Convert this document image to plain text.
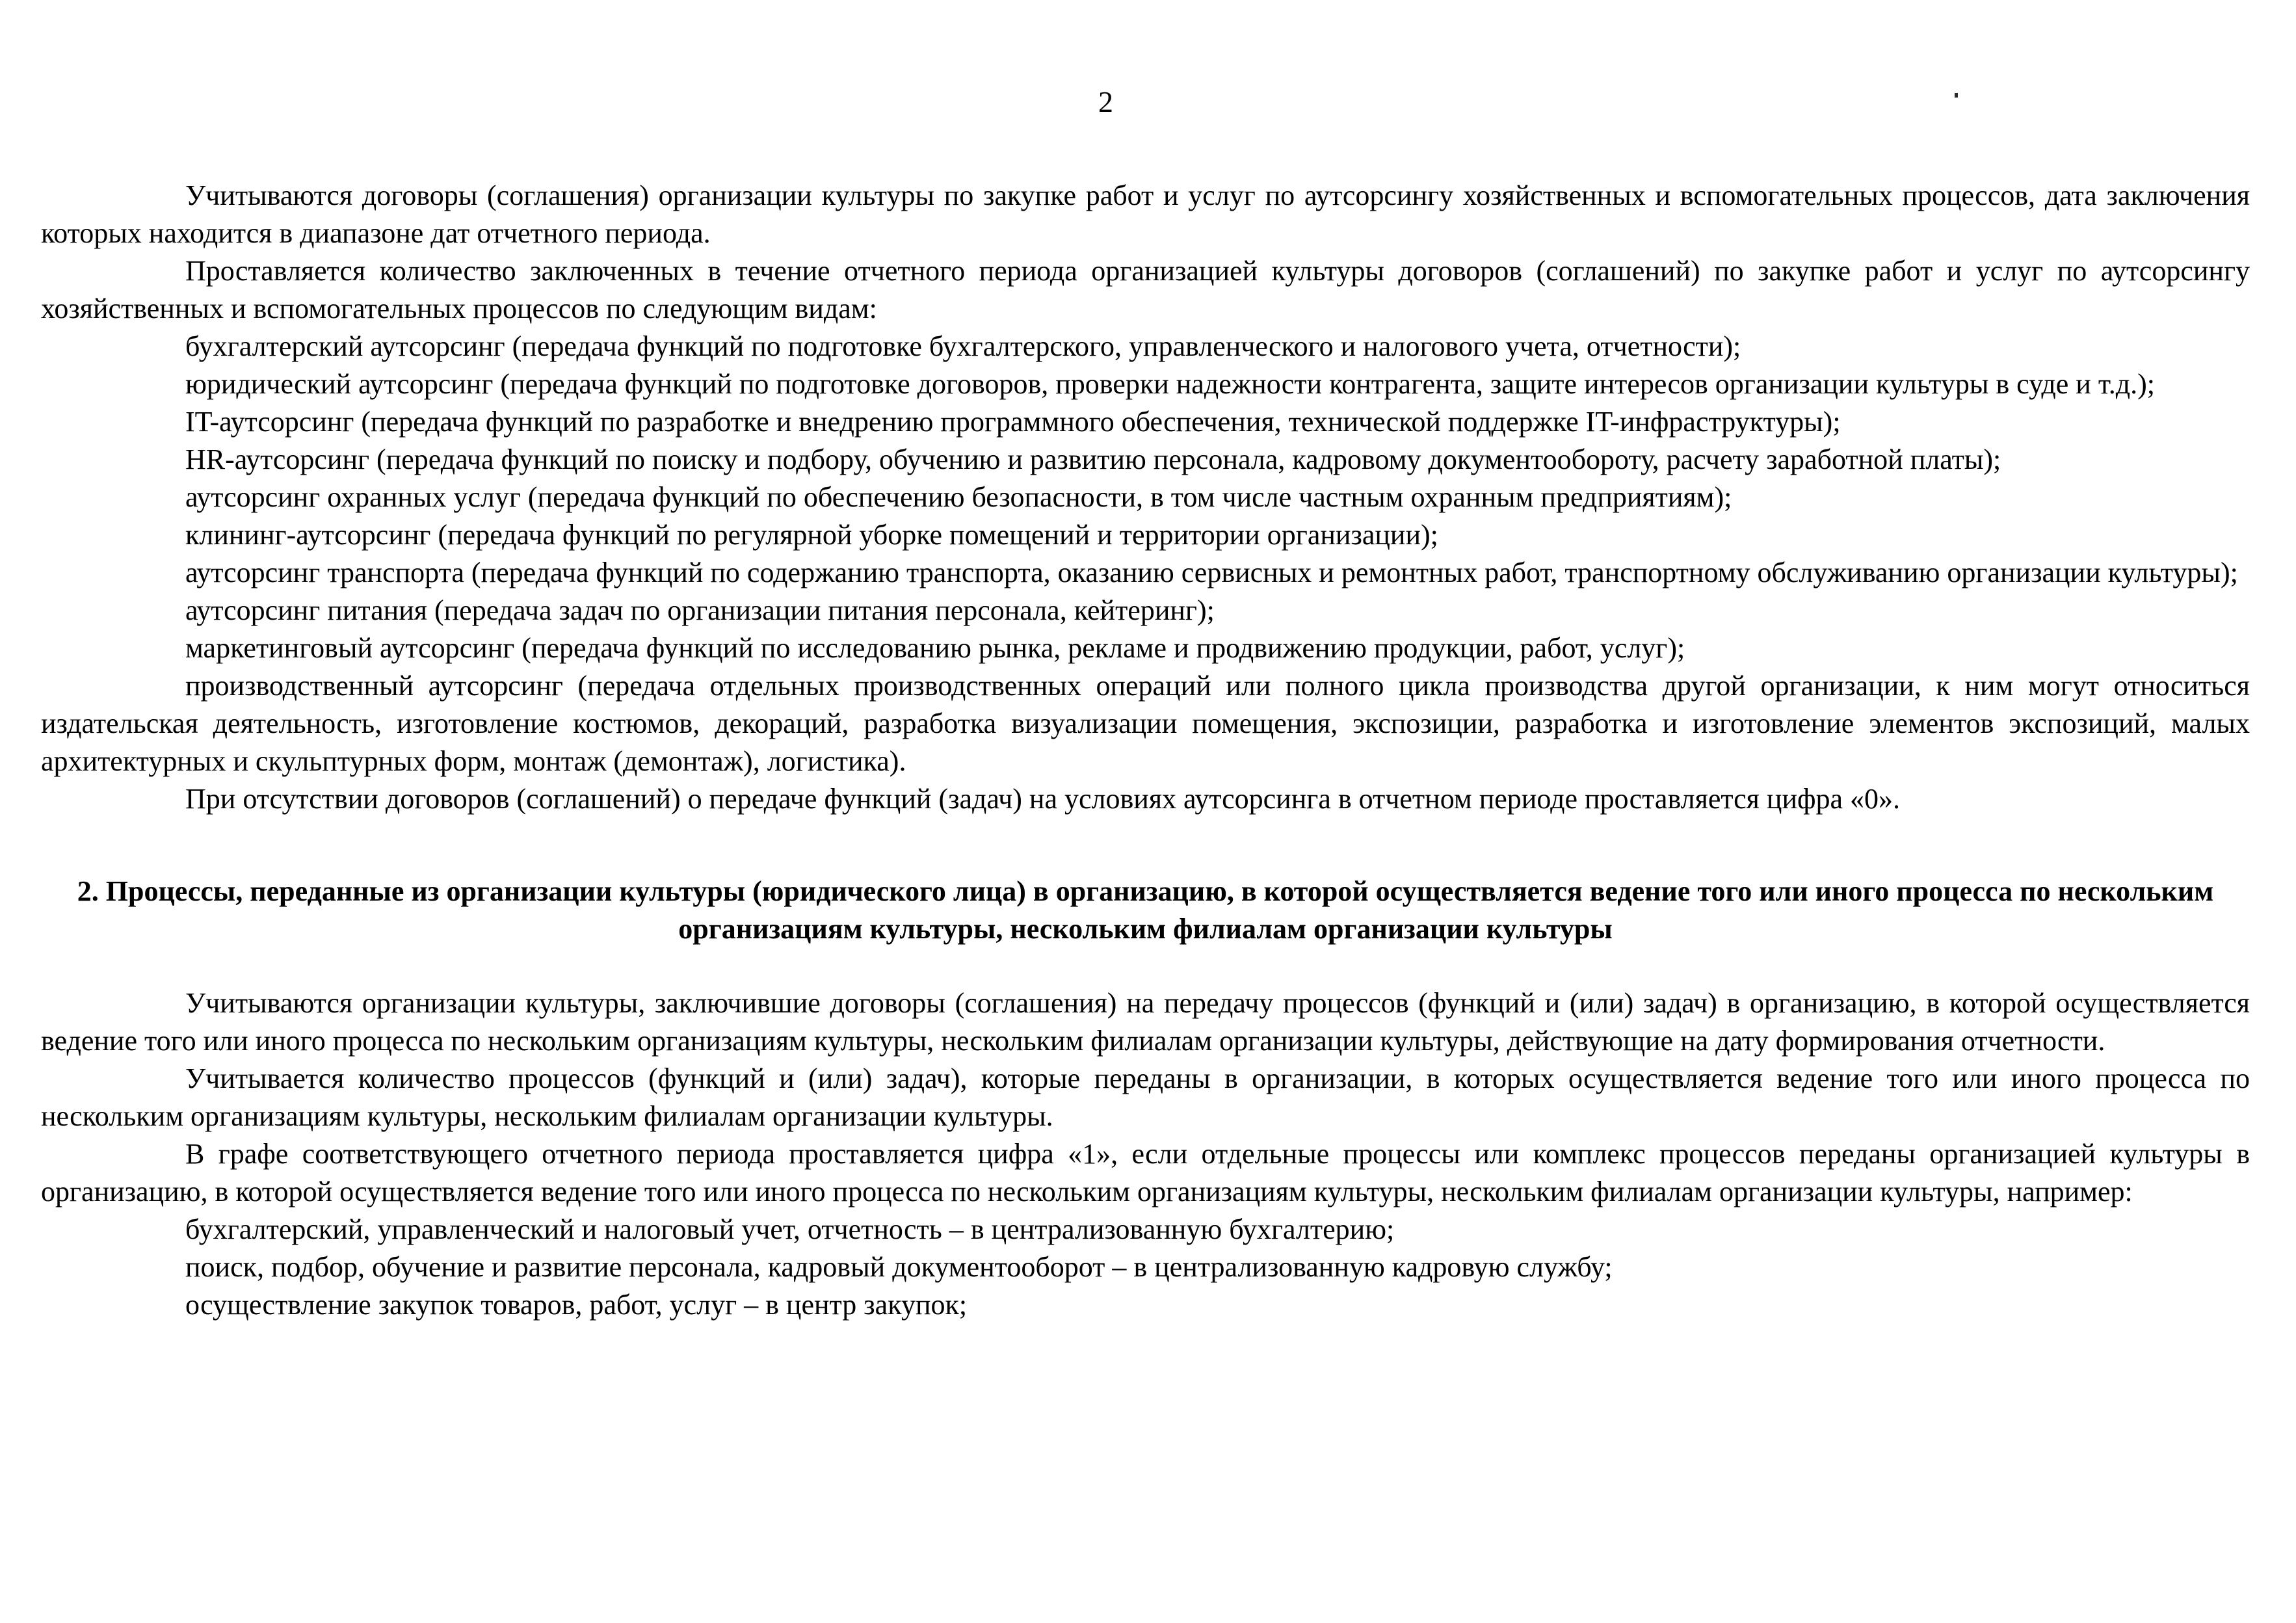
2

Учитываются договоры (соглашения) организации культуры по закупке работ и услуг по аутсорсингу хозяйственных и вспомогательных процессов, дата заключения которых находится в диапазоне дат отчетного периода.

Проставляется количество заключенных в течение отчетного периода организацией культуры договоров (соглашений) по закупке работ и услуг по аутсорсингу хозяйственных и вспомогательных процессов по следующим видам:

бухгалтерский аутсорсинг (передача функций по подготовке бухгалтерского, управленческого и налогового учета, отчетности);

юридический аутсорсинг (передача функций по подготовке договоров, проверки надежности контрагента, защите интересов организации культуры в суде и т.д.);

IT-аутсорсинг (передача функций по разработке и внедрению программного обеспечения, технической поддержке IT-инфраструктуры);

HR-аутсорсинг (передача функций по поиску и подбору, обучению и развитию персонала, кадровому документообороту, расчету заработной платы);

аутсорсинг охранных услуг (передача функций по обеспечению безопасности, в том числе частным охранным предприятиям);

клининг-аутсорсинг (передача функций по регулярной уборке помещений и территории организации);

аутсорсинг транспорта (передача функций по содержанию транспорта, оказанию сервисных и ремонтных работ, транспортному обслуживанию организации культуры);

аутсорсинг питания (передача задач по организации питания персонала, кейтеринг);

маркетинговый аутсорсинг (передача функций по исследованию рынка, рекламе и продвижению продукции, работ, услуг);

производственный аутсорсинг (передача отдельных производственных операций или полного цикла производства другой организации, к ним могут относиться издательская деятельность, изготовление костюмов, декораций, разработка визуализации помещения, экспозиции, разработка и изготовление элементов экспозиций, малых архитектурных и скульптурных форм, монтаж (демонтаж), логистика).

При отсутствии договоров (соглашений) о передаче функций (задач) на условиях аутсорсинга в отчетном периоде проставляется цифра «0».

2. Процессы, переданные из организации культуры (юридического лица) в организацию, в которой осуществляется ведение того или иного процесса по нескольким организациям культуры, нескольким филиалам организации культуры

Учитываются организации культуры, заключившие договоры (соглашения) на передачу процессов (функций и (или) задач) в организацию, в которой осуществляется ведение того или иного процесса по нескольким организациям культуры, нескольким филиалам организации культуры, действующие на дату формирования отчетности.

Учитывается количество процессов (функций и (или) задач), которые переданы в организации, в которых осуществляется ведение того или иного процесса по нескольким организациям культуры, нескольким филиалам организации культуры.

В графе соответствующего отчетного периода проставляется цифра «1», если отдельные процессы или комплекс процессов переданы организацией культуры в организацию, в которой осуществляется ведение того или иного процесса по нескольким организациям культуры, нескольким филиалам организации культуры, например:

бухгалтерский, управленческий и налоговый учет, отчетность – в централизованную бухгалтерию;

поиск, подбор, обучение и развитие персонала, кадровый документооборот – в централизованную кадровую службу;

осуществление закупок товаров, работ, услуг – в центр закупок;
